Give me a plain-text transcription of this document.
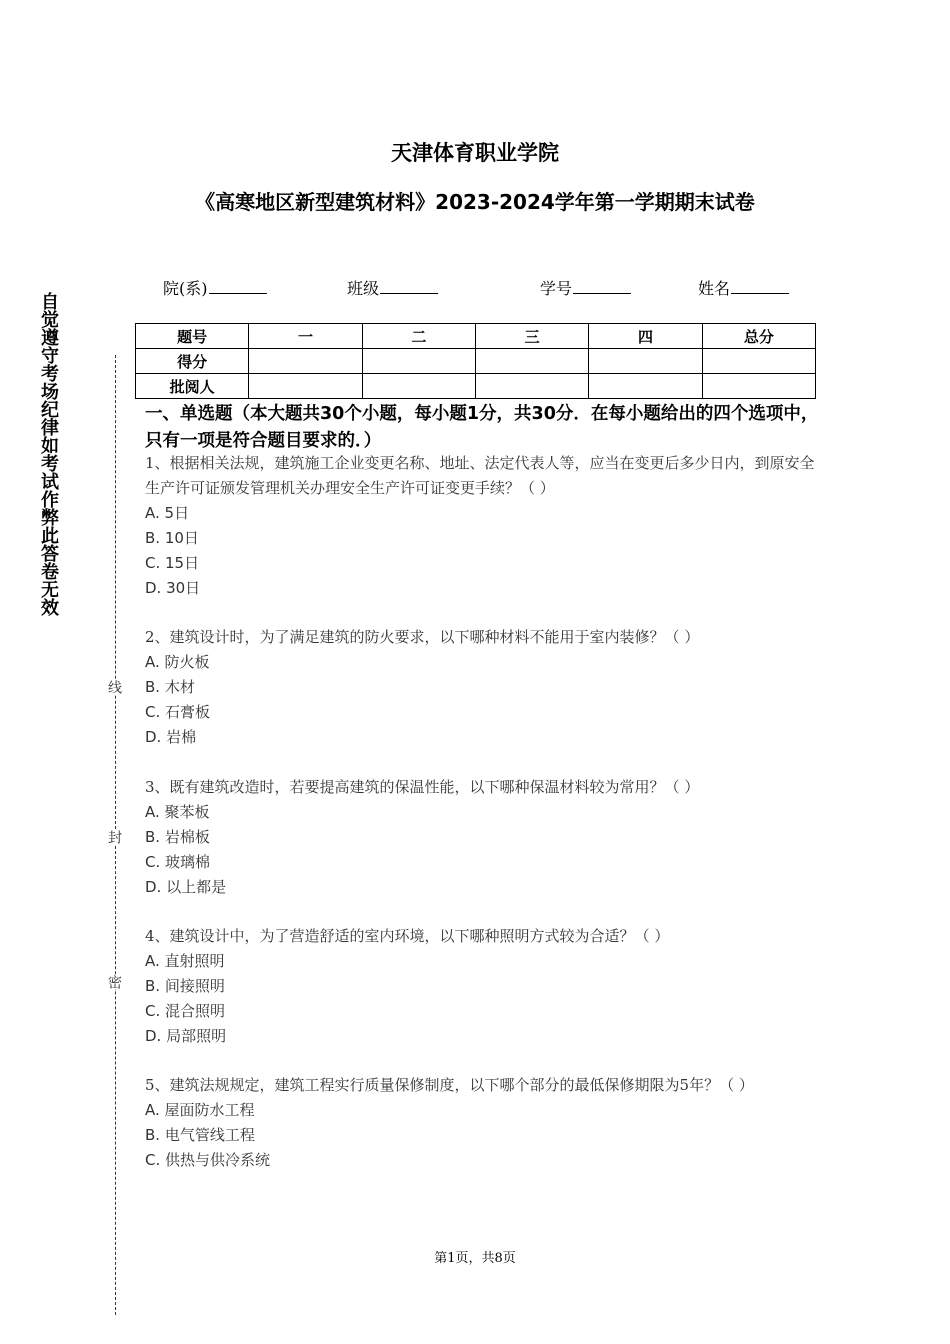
天津体育职业学院
《高寒地区新型建筑材料》2023-2024学年第一学期期末试卷
院(系)	班级	学号	姓名
题号	一	二	三	四	总分
得分					
批阅人					
一、单选题（本大题共30个小题，每小题1分，共30分．在每小题给出的四个选项中，只有一项是符合题目要求的．）
1、根据相关法规，建筑施工企业变更名称、地址、法定代表人等，应当在变更后多少日内，到原安全生产许可证颁发管理机关办理安全生产许可证变更手续？（ ）
A. 5日
B. 10日
C. 15日
D. 30日
2、建筑设计时，为了满足建筑的防火要求，以下哪种材料不能用于室内装修？（ ）
A. 防火板
B. 木材
C. 石膏板
D. 岩棉
3、既有建筑改造时，若要提高建筑的保温性能，以下哪种保温材料较为常用？（ ）
A. 聚苯板
B. 岩棉板
C. 玻璃棉
D. 以上都是
4、建筑设计中，为了营造舒适的室内环境，以下哪种照明方式较为合适？（ ）
A. 直射照明
B. 间接照明
C. 混合照明
D. 局部照明
5、建筑法规规定，建筑工程实行质量保修制度，以下哪个部分的最低保修期限为5年？（ ）
A. 屋面防水工程
B. 电气管线工程
C. 供热与供冷系统
自觉遵守考场纪律如考试作弊此答卷无效
线
封
密
第1页，共8页
